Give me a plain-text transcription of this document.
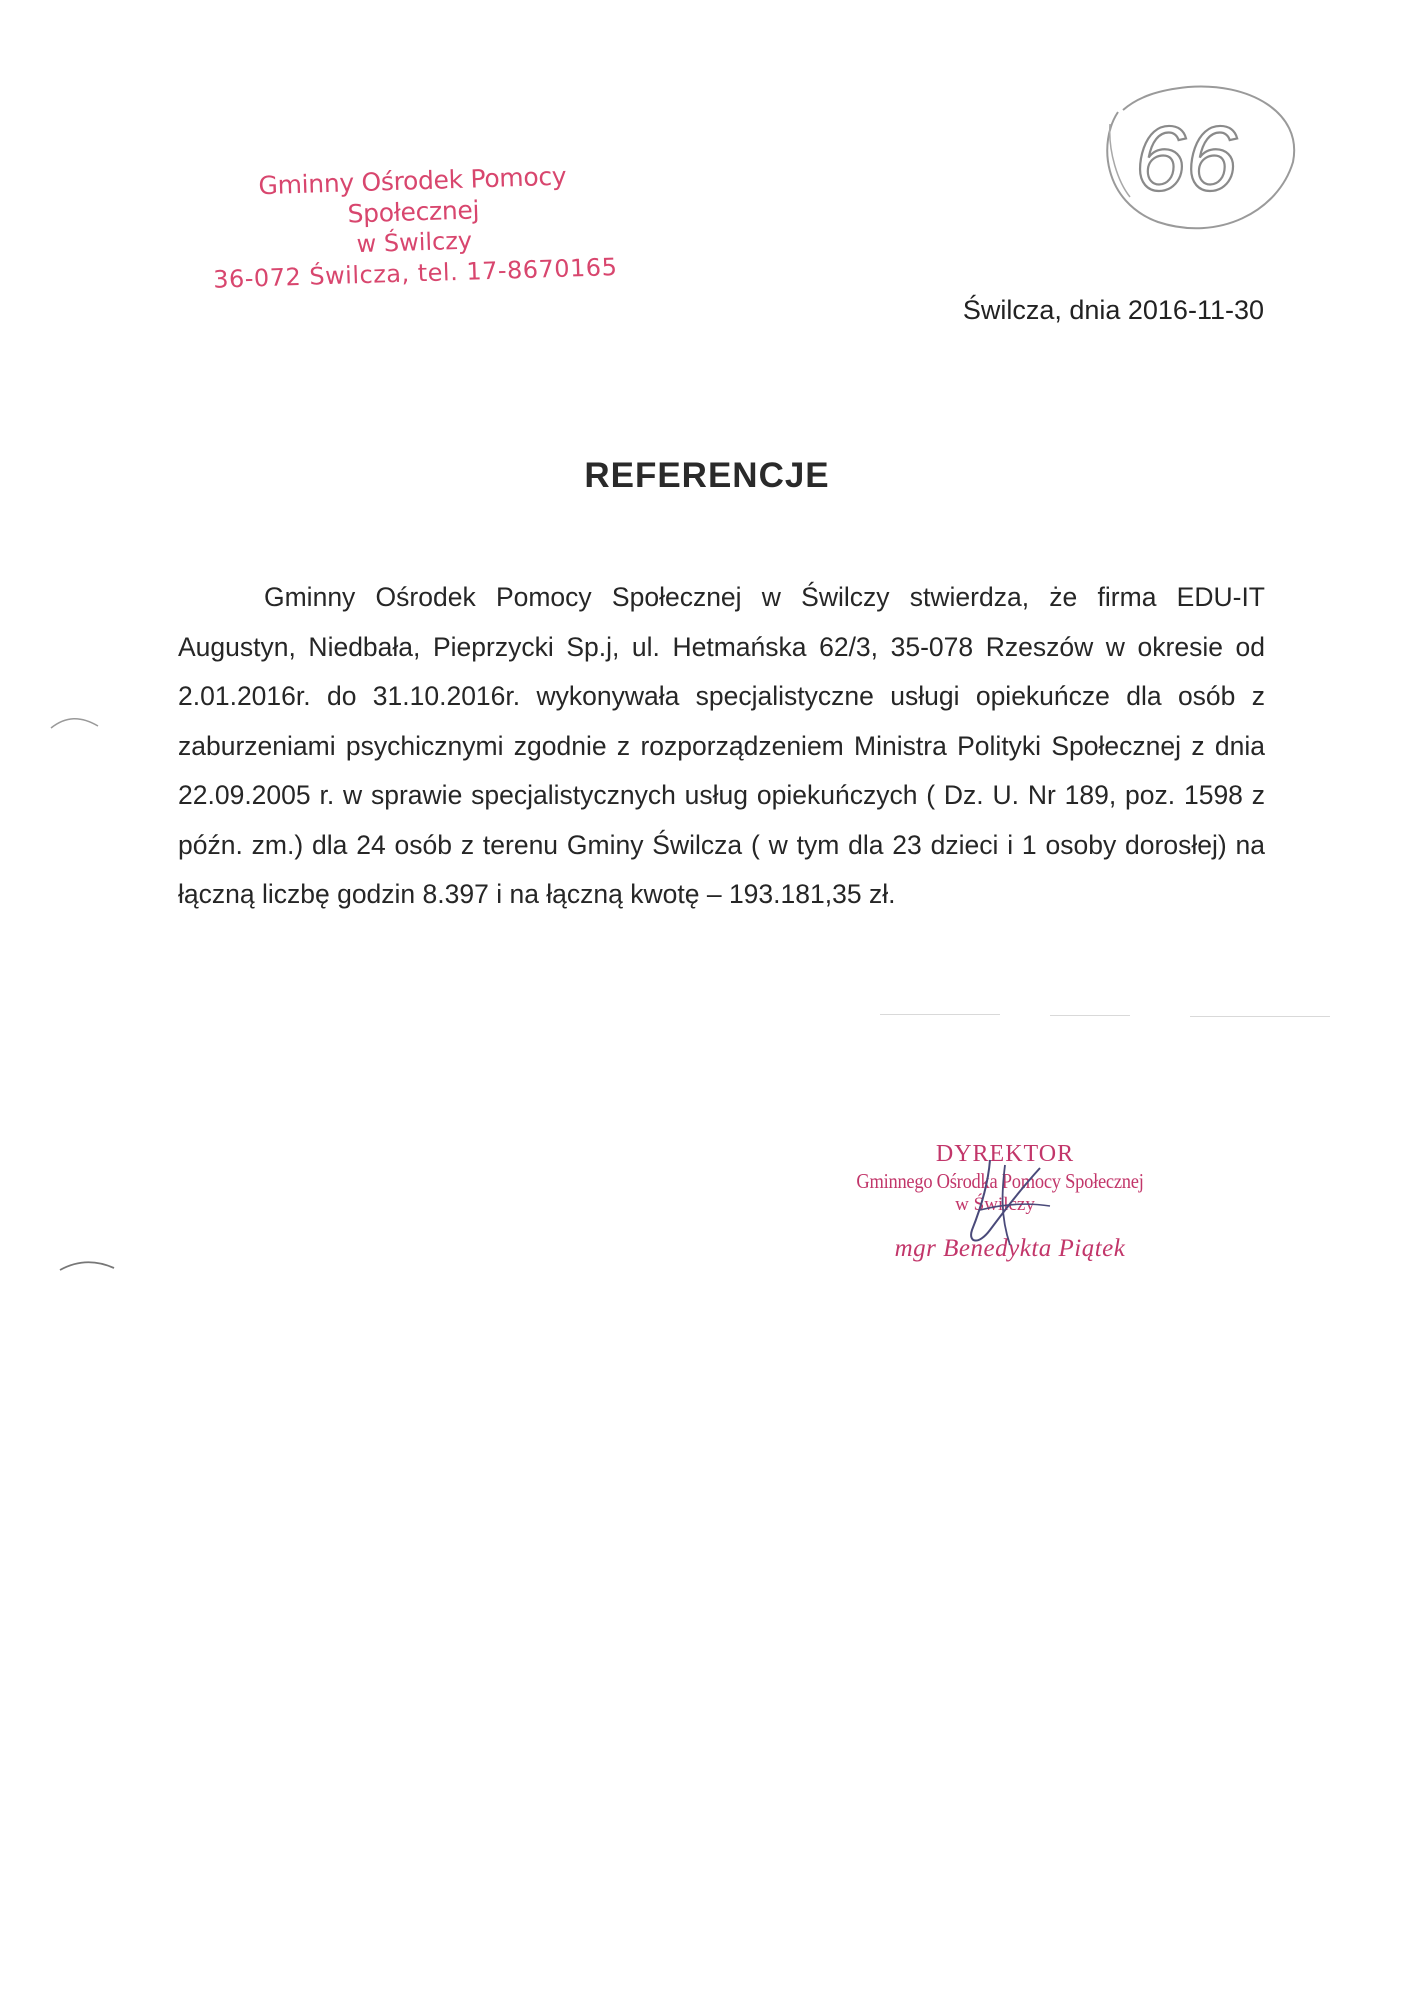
Gminny Ośrodek Pomocy Społecznej
w Świlczy
36-072 Świlcza, tel. 17-8670165
66
Świlcza, dnia 2016-11-30
REFERENCJE

Gminny Ośrodek Pomocy Społecznej w Świlczy stwierdza, że firma EDU-IT Augustyn, Niedbała, Pieprzycki Sp.j, ul. Hetmańska 62/3, 35-078 Rzeszów w okresie od 2.01.2016r. do 31.10.2016r. wykonywała specjalistyczne usługi opiekuńcze dla osób z zaburzeniami psychicznymi zgodnie z rozporządzeniem Ministra Polityki Społecznej z dnia 22.09.2005 r. w sprawie specjalistycznych usług opiekuńczych ( Dz. U. Nr 189, poz. 1598 z późn. zm.) dla 24 osób z terenu Gminy Świlcza ( w tym dla 23 dzieci i 1 osoby dorosłej) na łączną liczbę godzin 8.397 i na łączną kwotę – 193.181,35 zł.

DYREKTOR
Gminnego Ośrodka Pomocy Społecznej
w Świlczy
mgr Benedykta Piątek
